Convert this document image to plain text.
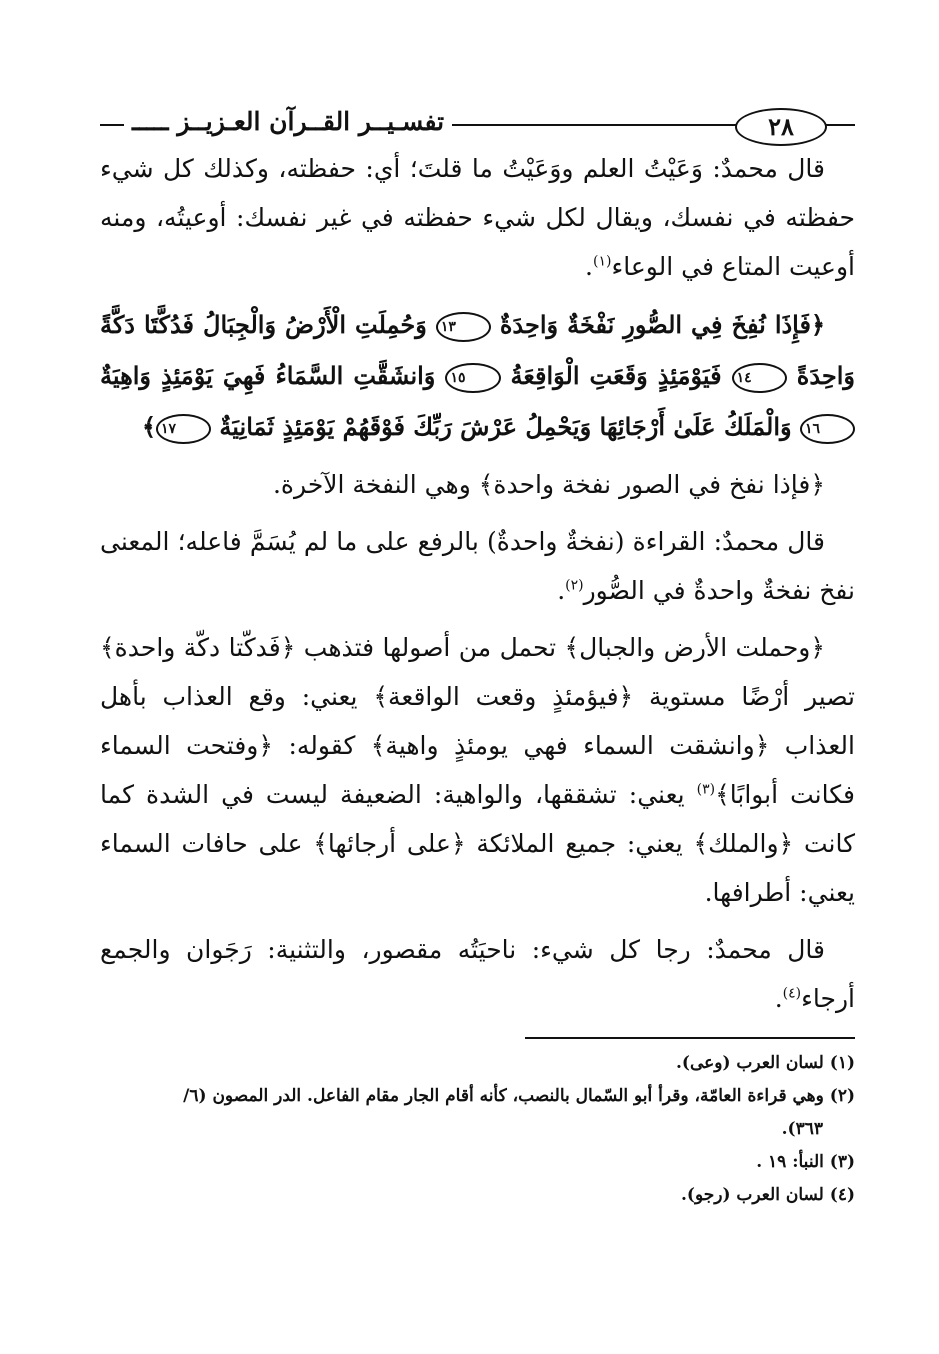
تفسـيــر القــرآن العـزيــز ـــــ	٢٨

قال محمدٌ: وَعَيْتُ العلم ووَعَيْتُ ما قلتَ؛ أي: حفظته، وكذلك كل شيء حفظته في نفسك، ويقال لكل شيء حفظته في غير نفسك: أوعيتُه، ومنه أوعيت المتاع في الوعاء$^{(١)}$.

﴿فَإِذَا نُفِخَ فِي الصُّورِ نَفْخَةٌ وَاحِدَةٌ ١٣ وَحُمِلَتِ الْأَرْضُ وَالْجِبَالُ فَدُكَّتَا دَكَّةً وَاحِدَةً ١٤ فَيَوْمَئِذٍ وَقَعَتِ الْوَاقِعَةُ ١٥ وَانشَقَّتِ السَّمَاءُ فَهِيَ يَوْمَئِذٍ وَاهِيَةٌ ١٦ وَالْمَلَكُ عَلَىٰ أَرْجَائِهَا وَيَحْمِلُ عَرْشَ رَبِّكَ فَوْقَهُمْ يَوْمَئِذٍ ثَمَانِيَةٌ ١٧﴾

﴿فإذا نفخ في الصور نفخة واحدة﴾ وهي النفخة الآخرة.

قال محمدٌ: القراءة (نفخةٌ واحدةٌ) بالرفع على ما لم يُسَمَّ فاعله؛ المعنى نفخ نفخةٌ واحدةٌ في الصُّور$^{(٢)}$.

﴿وحملت الأرض والجبال﴾ تحمل من أصولها فتذهب ﴿فَدكّتا دكّة واحدة﴾ تصير أرْضًا مستوية ﴿فيؤمئذٍ وقعت الواقعة﴾ يعني: وقع العذاب بأهل العذاب ﴿وانشقت السماء فهي يومئذٍ واهية﴾ كقوله: ﴿وفتحت السماء فكانت أبوابًا﴾$^{(٣)}$ يعني: تشققها، والواهية: الضعيفة ليست في الشدة كما كانت ﴿والملك﴾ يعني: جميع الملائكة ﴿على أرجائها﴾ على حافات السماء يعني: أطرافها.

قال محمدٌ: رجا كل شيء: ناحيَتُه مقصور، والتثنية: رَجَوان والجمع أرجاء$^{(٤)}$.

(١) لسان العرب (وعى).
(٢) وهي قراءة العامّة، وقرأ أبو السّمال بالنصب، كأنه أقام الجار مقام الفاعل. الدر المصون (٦/
٣٦٣).
(٣) النبأ: ١٩ .
(٤) لسان العرب (رجو).
